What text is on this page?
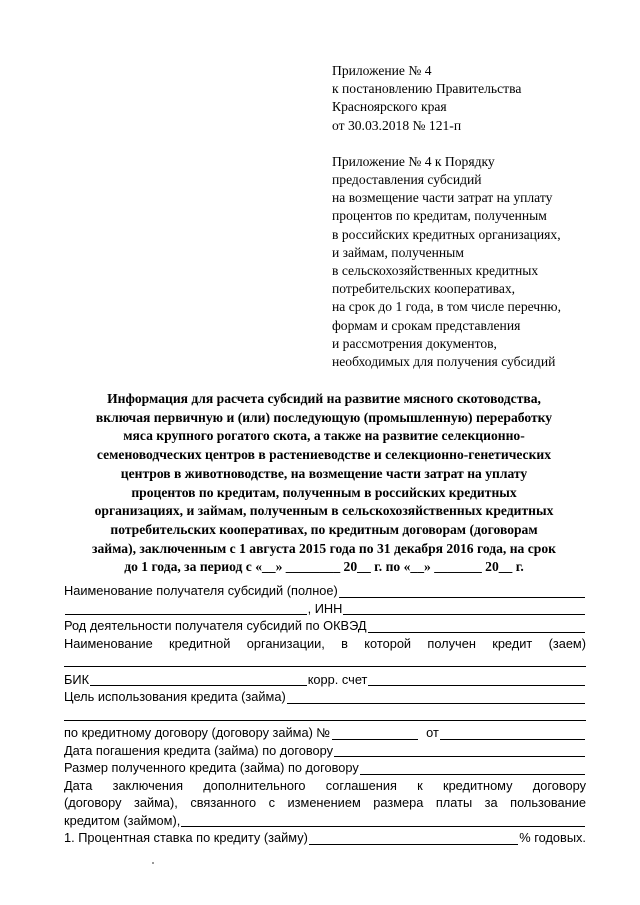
Приложение № 4
к постановлению Правительства
Красноярского края
от 30.03.2018 № 121-п
Приложение № 4 к Порядку
предоставления субсидий
на возмещение части затрат на уплату
процентов по кредитам, полученным
в российских кредитных организациях,
и займам, полученным
в сельскохозяйственных кредитных
потребительских кооперативах,
на срок до 1 года, в том числе перечню,
формам и срокам представления
и рассмотрения документов,
необходимых для получения субсидий
Информация для расчета субсидий на развитие мясного скотоводства,
включая первичную и (или) последующую (промышленную) переработку
мяса крупного рогатого скота, а также на развитие селекционно-
семеноводческих центров в растениеводстве и селекционно-генетических
центров в животноводстве, на возмещение части затрат на уплату
процентов по кредитам, полученным в российских кредитных
организациях, и займам, полученным в сельскохозяйственных кредитных
потребительских кооперативах, по кредитным договорам (договорам
займа), заключенным с 1 августа 2015 года по 31 декабря 2016 года, на срок
до 1 года, за период с «__» ________ 20__ г. по «__» _______ 20__ г.
Наименование получателя субсидий (полное)
, ИНН
Род деятельности получателя субсидий по ОКВЭД
Наименование кредитной организации, в которой получен кредит (заем)
БИК	корр. счет
Цель использования кредита (займа)
по кредитному договору (договору займа) №	от
Дата погашения кредита (займа) по договору
Размер полученного кредита (займа) по договору
Дата заключения дополнительного соглашения к кредитному договору
(договору займа), связанного с изменением размера платы за пользование
кредитом (займом),
1. Процентная ставка по кредиту (займу)	% годовых.
